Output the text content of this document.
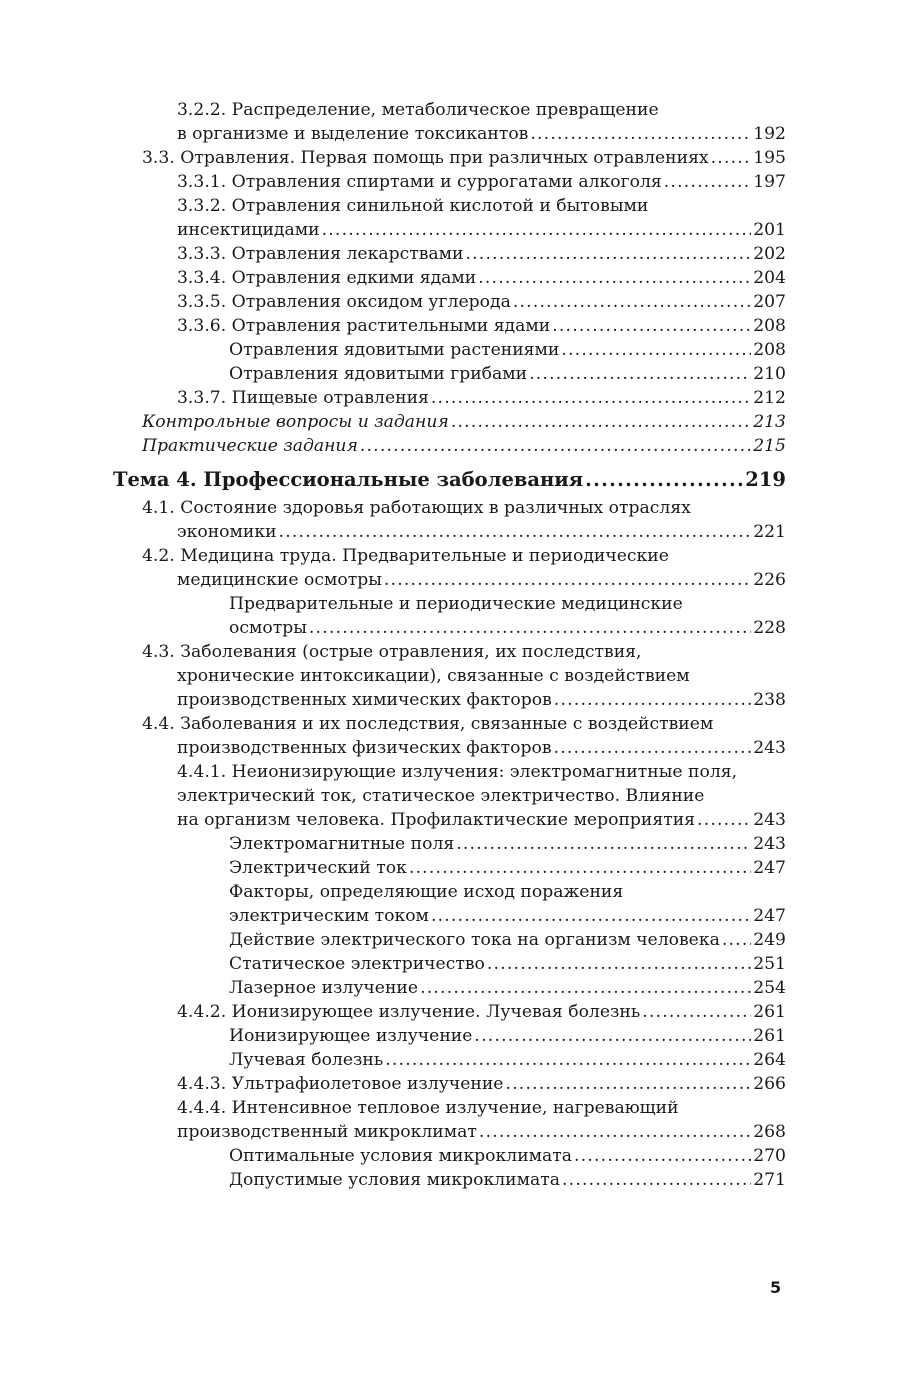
3.2.2. Распределение, метаболическое превращение
в организме и выделение токсикантов .....	192
3.3. Отравления. Первая помощь при различных отравлениях .....	195
3.3.1. Отравления спиртами и суррогатами алкоголя .....	197
3.3.2. Отравления синильной кислотой и бытовыми
инсектицидами .....	201
3.3.3. Отравления лекарствами .....	202
3.3.4. Отравления едкими ядами .....	204
3.3.5. Отравления оксидом углерода .....	207
3.3.6. Отравления растительными ядами .....	208
Отравления ядовитыми растениями .....	208
Отравления ядовитыми грибами .....	210
3.3.7. Пищевые отравления .....	212
Контрольные вопросы и задания .....	213
Практические задания .....	215
Тема 4. Профессиональные заболевания .....	219
4.1. Состояние здоровья работающих в различных отраслях
экономики .....	221
4.2. Медицина труда. Предварительные и периодические
медицинские осмотры .....	226
Предварительные и периодические медицинские
осмотры .....	228
4.3. Заболевания (острые отравления, их последствия,
хронические интоксикации), связанные с воздействием
производственных химических факторов .....	238
4.4. Заболевания и их последствия, связанные с воздействием
производственных физических факторов .....	243
4.4.1. Неионизирующие излучения: электромагнитные поля,
электрический ток, статическое электричество. Влияние
на организм человека. Профилактические мероприятия .....	243
Электромагнитные поля .....	243
Электрический ток .....	247
Факторы, определяющие исход поражения
электрическим током .....	247
Действие электрического тока на организм человека ..... 249
Статическое электричество .....	251
Лазерное излучение .....	254
4.4.2. Ионизирующее излучение. Лучевая болезнь .....	261
Ионизирующее излучение .....	261
Лучевая болезнь .....	264
4.4.3. Ультрафиолетовое излучение .....	266
4.4.4. Интенсивное тепловое излучение, нагревающий
производственный микроклимат .....	268
Оптимальные условия микроклимата .....	270
Допустимые условия микроклимата .....	271
5
